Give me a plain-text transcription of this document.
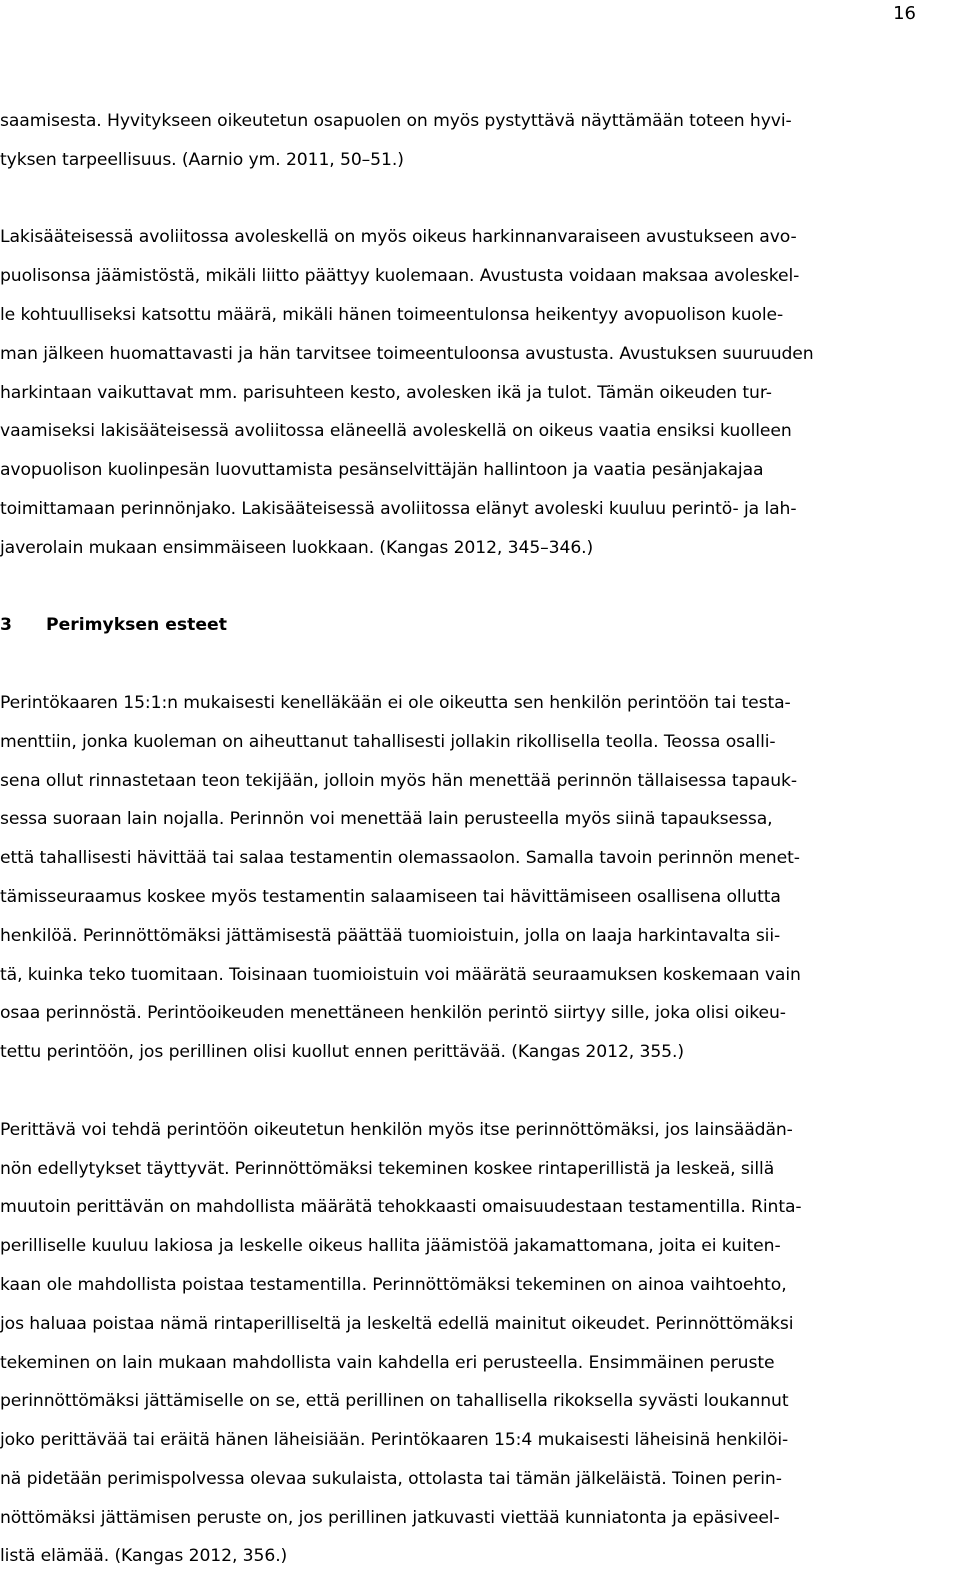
16

saamisesta. Hyvitykseen oikeutetun osapuolen on myös pystyttävä näyttämään toteen hyvi-
tyksen tarpeellisuus. (Aarnio ym. 2011, 50–51.)

Lakisääteisessä avoliitossa avoleskellä on myös oikeus harkinnanvaraiseen avustukseen avo-
puolisonsa jäämistöstä, mikäli liitto päättyy kuolemaan. Avustusta voidaan maksaa avoleskel-
le kohtuulliseksi katsottu määrä, mikäli hänen toimeentulonsa heikentyy avopuolison kuole-
man jälkeen huomattavasti ja hän tarvitsee toimeentuloonsa avustusta. Avustuksen suuruuden
harkintaan vaikuttavat mm. parisuhteen kesto, avolesken ikä ja tulot. Tämän oikeuden tur-
vaamiseksi lakisääteisessä avoliitossa eläneellä avoleskellä on oikeus vaatia ensiksi kuolleen
avopuolison kuolinpesän luovuttamista pesänselvittäjän hallintoon ja vaatia pesänjakajaa
toimittamaan perinnönjako. Lakisääteisessä avoliitossa elänyt avoleski kuuluu perintö- ja lah-
javerolain mukaan ensimmäiseen luokkaan. (Kangas 2012, 345–346.)

3 Perimyksen esteet

Perintökaaren 15:1:n mukaisesti kenelläkään ei ole oikeutta sen henkilön perintöön tai testa-
menttiin, jonka kuoleman on aiheuttanut tahallisesti jollakin rikollisella teolla. Teossa osalli-
sena ollut rinnastetaan teon tekijään, jolloin myös hän menettää perinnön tällaisessa tapauk-
sessa suoraan lain nojalla. Perinnön voi menettää lain perusteella myös siinä tapauksessa,
että tahallisesti hävittää tai salaa testamentin olemassaolon. Samalla tavoin perinnön menet-
tämisseuraamus koskee myös testamentin salaamiseen tai hävittämiseen osallisena ollutta
henkilöä. Perinnöttömäksi jättämisestä päättää tuomioistuin, jolla on laaja harkintavalta sii-
tä, kuinka teko tuomitaan. Toisinaan tuomioistuin voi määrätä seuraamuksen koskemaan vain
osaa perinnöstä. Perintöoikeuden menettäneen henkilön perintö siirtyy sille, joka olisi oikeu-
tettu perintöön, jos perillinen olisi kuollut ennen perittävää. (Kangas 2012, 355.)

Perittävä voi tehdä perintöön oikeutetun henkilön myös itse perinnöttömäksi, jos lainsäädän-
nön edellytykset täyttyvät. Perinnöttömäksi tekeminen koskee rintaperillistä ja leskeä, sillä
muutoin perittävän on mahdollista määrätä tehokkaasti omaisuudestaan testamentilla. Rinta-
perilliselle kuuluu lakiosa ja leskelle oikeus hallita jäämistöä jakamattomana, joita ei kuiten-
kaan ole mahdollista poistaa testamentilla. Perinnöttömäksi tekeminen on ainoa vaihtoehto,
jos haluaa poistaa nämä rintaperilliseltä ja leskeltä edellä mainitut oikeudet. Perinnöttömäksi
tekeminen on lain mukaan mahdollista vain kahdella eri perusteella. Ensimmäinen peruste
perinnöttömäksi jättämiselle on se, että perillinen on tahallisella rikoksella syvästi loukannut
joko perittävää tai eräitä hänen läheisiään. Perintökaaren 15:4 mukaisesti läheisinä henkilöi-
nä pidetään perimispolvessa olevaa sukulaista, ottolasta tai tämän jälkeläistä. Toinen perin-
nöttömäksi jättämisen peruste on, jos perillinen jatkuvasti viettää kunniatonta ja epäsiveel-
listä elämää. (Kangas 2012, 356.)
